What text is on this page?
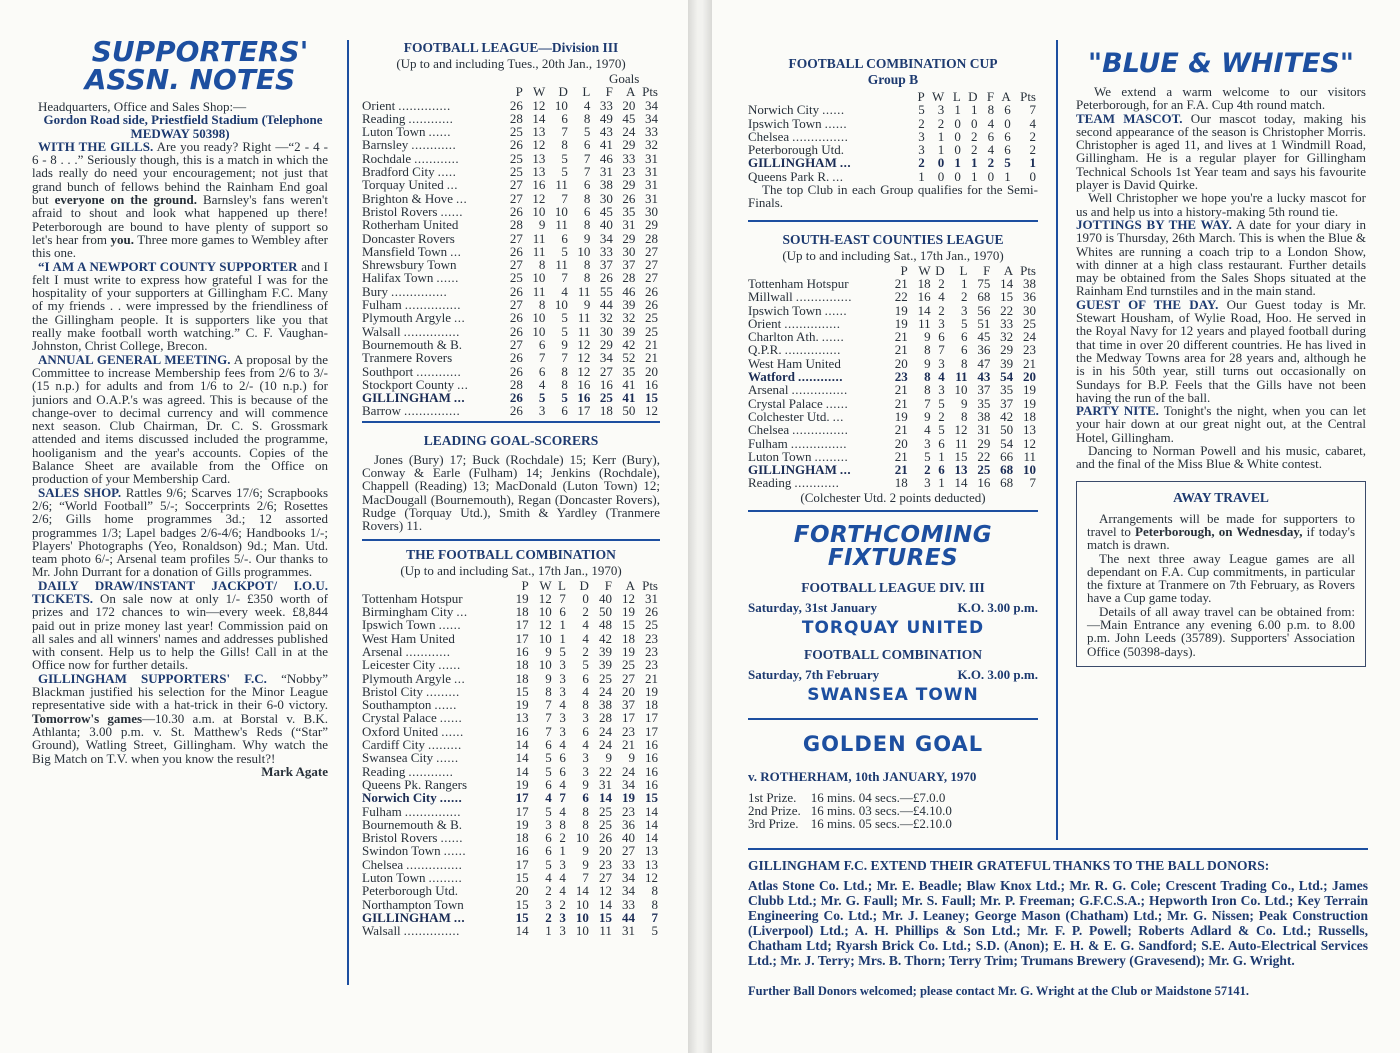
SUPPORTERS'
ASSN. NOTES

Headquarters, Office and Sales Shop:—
Gordon Road side, Priestfield Stadium (Telephone MEDWAY 50398)

WITH THE GILLS. Are you ready? Right —“2 - 4 - 6 - 8 . . .” Seriously though, this is a match in which the lads really do need your encouragement; not just that grand bunch of fellows behind the Rainham End goal but everyone on the ground. Barnsley's fans weren't afraid to shout and look what happened up there! Peterborough are bound to have plenty of support so let's hear from you. Three more games to Wembley after this one.

“I AM A NEWPORT COUNTY SUPPORTER and I felt I must write to express how grateful I was for the hospitality of your supporters at Gillingham F.C. Many of my friends . . were impressed by the friendliness of the Gillingham people. It is supporters like you that really make football worth watching.” C. F. Vaughan-Johnston, Christ College, Brecon.

ANNUAL GENERAL MEETING. A proposal by the Committee to increase Membership fees from 2/6 to 3/- (15 n.p.) for adults and from 1/6 to 2/- (10 n.p.) for juniors and O.A.P.'s was agreed. This is because of the change-over to decimal currency and will commence next season. Club Chairman, Dr. C. S. Grossmark attended and items discussed included the programme, hooliganism and the year's accounts. Copies of the Balance Sheet are available from the Office on production of your Membership Card.

SALES SHOP. Rattles 9/6; Scarves 17/6; Scrapbooks 2/6; “World Football” 5/-; Soccerprints 2/6; Rosettes 2/6; Gills home programmes 3d.; 12 assorted programmes 1/3; Lapel badges 2/6-4/6; Handbooks 1/-; Players' Photographs (Yeo, Ronaldson) 9d.; Man. Utd. team photo 6/-; Arsenal team profiles 5/-. Our thanks to Mr. John Durrant for a donation of Gills programmes.

DAILY DRAW/INSTANT JACKPOT/ I.O.U. TICKETS. On sale now at only 1/- £350 worth of prizes and 172 chances to win—every week. £8,844 paid out in prize money last year! Commission paid on all sales and all winners' names and addresses published with consent. Help us to help the Gills! Call in at the Office now for further details.

GILLINGHAM SUPPORTERS' F.C. “Nobby” Blackman justified his selection for the Minor League representative side with a hat-trick in their 6-0 victory. Tomorrow's games—10.30 a.m. at Borstal v. B.K. Athlanta; 3.00 p.m. v. St. Matthew's Reds (“Star” Ground), Watling Street, Gillingham. Why watch the Big Match on T.V. when you know the result?!
Mark Agate

FOOTBALL LEAGUE—Division III
(Up to and including Tues., 20th Jan., 1970)
					Goals		
	P	W	D	L	F	A	Pts
Orient ..............	26	12	10	4	33	20	34
Reading ............	28	14	6	8	49	45	34
Luton Town ......	25	13	7	5	43	24	33
Barnsley ............	26	12	8	6	41	29	32
Rochdale ............	25	13	5	7	46	33	31
Bradford City .....	25	13	5	7	31	23	31
Torquay United ...	27	16	11	6	38	29	31
Brighton & Hove ...	27	12	7	8	30	26	31
Bristol Rovers ......	26	10	10	6	45	35	30
Rotherham United	28	9	11	8	40	31	29
Doncaster Rovers	27	11	6	9	34	29	28
Mansfield Town ...	26	11	5	10	33	30	27
Shrewsbury Town	27	8	11	8	37	37	27
Halifax Town ......	25	10	7	8	26	28	27
Bury ...............	26	11	4	11	55	46	26
Fulham ...............	27	8	10	9	44	39	26
Plymouth Argyle ...	26	10	5	11	32	32	25
Walsall ...............	26	10	5	11	30	39	25
Bournemouth & B.	27	6	9	12	29	42	21
Tranmere Rovers	26	7	7	12	34	52	21
Southport ............	26	6	8	12	27	35	20
Stockport County ...	28	4	8	16	16	41	16
GILLINGHAM ...	26	5	5	16	25	41	15
Barrow ...............	26	3	6	17	18	50	12
LEADING GOAL-SCORERS

Jones (Bury) 17; Buck (Rochdale) 15; Kerr (Bury), Conway & Earle (Fulham) 14; Jenkins (Rochdale), Chappell (Reading) 13; MacDonald (Luton Town) 12; MacDougall (Bournemouth), Regan (Doncaster Rovers), Rudge (Torquay Utd.), Smith & Yardley (Tranmere Rovers) 11.

THE FOOTBALL COMBINATION
(Up to and including Sat., 17th Jan., 1970)
	P	W	L	D	F	A	Pts
Tottenham Hotspur	19	12	7	0	40	12	31
Birmingham City ...	18	10	6	2	50	19	26
Ipswich Town ......	17	12	1	4	48	15	25
West Ham United	17	10	1	4	42	18	23
Arsenal ............	16	9	5	2	39	19	23
Leicester City ......	18	10	3	5	39	25	23
Plymouth Argyle ...	18	9	3	6	25	27	21
Bristol City .........	15	8	3	4	24	20	19
Southampton ......	19	7	4	8	38	37	18
Crystal Palace ......	13	7	3	3	28	17	17
Oxford United ......	16	7	3	6	24	23	17
Cardiff City .........	14	6	4	4	24	21	16
Swansea City ......	14	5	6	3	9	9	16
Reading ............	14	5	6	3	22	24	16
Queens Pk. Rangers	19	6	4	9	31	34	16
Norwich City ......	17	4	7	6	14	19	15
Fulham ...............	17	5	4	8	25	23	14
Bournemouth & B.	19	3	8	8	25	36	14
Bristol Rovers ......	18	6	2	10	26	40	14
Swindon Town ......	16	6	1	9	20	27	13
Chelsea ...............	17	5	3	9	23	33	13
Luton Town .........	15	4	4	7	27	34	12
Peterborough Utd.	20	2	4	14	12	34	8
Northampton Town	15	3	2	10	14	33	8
GILLINGHAM ...	15	2	3	10	15	44	7
Walsall ...............	14	1	3	10	11	31	5
FOOTBALL COMBINATION CUP
Group B
	P	W	L	D	F	A	Pts
Norwich City ......	5	3	1	1	8	6	7
Ipswich Town ......	2	2	0	0	4	0	4
Chelsea ...............	3	1	0	2	6	6	2
Peterborough Utd.	3	1	0	2	4	6	2
GILLINGHAM ...	2	0	1	1	2	5	1
Queens Park R. ...	1	0	0	1	0	1	0

The top Club in each Group qualifies for the Semi-Finals.

SOUTH-EAST COUNTIES LEAGUE
(Up to and including Sat., 17th Jan., 1970)
	P	W	D	L	F	A	Pts
Tottenham Hotspur	21	18	2	1	75	14	38
Millwall ...............	22	16	4	2	68	15	36
Ipswich Town ......	19	14	2	3	56	22	30
Orient ...............	19	11	3	5	51	33	25
Charlton Ath. ......	21	9	6	6	45	32	24
Q.P.R. ...............	21	8	7	6	36	29	23
West Ham United	20	9	3	8	47	39	21
Watford ............	23	8	4	11	43	54	20
Arsenal ...............	21	8	3	10	37	35	19
Crystal Palace ......	21	7	5	9	35	37	19
Colchester Utd. ...	19	9	2	8	38	42	18
Chelsea ...............	21	4	5	12	31	50	13
Fulham ...............	20	3	6	11	29	54	12
Luton Town .........	21	5	1	15	22	66	11
GILLINGHAM ...	21	2	6	13	25	68	10
Reading ............	18	3	1	14	16	68	7
(Colchester Utd. 2 points deducted)
FORTHCOMING FIXTURES
FOOTBALL LEAGUE DIV. III
Saturday, 31st January	K.O. 3.00 p.m.
TORQUAY UNITED
FOOTBALL COMBINATION
Saturday, 7th February	K.O. 3.00 p.m.
SWANSEA TOWN
GOLDEN GOAL
v. ROTHERHAM, 10th JANUARY, 1970
1st Prize.	16 mins. 04 secs.—£7.0.0
2nd Prize.	16 mins. 03 secs.—£4.10.0
3rd Prize.	16 mins. 05 secs.—£2.10.0
"BLUE & WHITES"

We extend a warm welcome to our visitors Peterborough, for an F.A. Cup 4th round match.

TEAM MASCOT. Our mascot today, making his second appearance of the season is Christopher Morris. Christopher is aged 11, and lives at 1 Windmill Road, Gillingham. He is a regular player for Gillingham Technical Schools 1st Year team and says his favourite player is David Quirke.

Well Christopher we hope you're a lucky mascot for us and help us into a history-making 5th round tie.

JOTTINGS BY THE WAY. A date for your diary in 1970 is Thursday, 26th March. This is when the Blue & Whites are running a coach trip to a London Show, with dinner at a high class restaurant. Further details may be obtained from the Sales Shops situated at the Rainham End turnstiles and in the main stand.

GUEST OF THE DAY. Our Guest today is Mr. Stewart Housham, of Wylie Road, Hoo. He served in the Royal Navy for 12 years and played football during that time in over 20 different countries. He has lived in the Medway Towns area for 28 years and, although he is in his 50th year, still turns out occasionally on Sundays for B.P. Feels that the Gills have not been having the run of the ball.

PARTY NITE. Tonight's the night, when you can let your hair down at our great night out, at the Central Hotel, Gillingham.

Dancing to Norman Powell and his music, cabaret, and the final of the Miss Blue & White contest.

AWAY TRAVEL

Arrangements will be made for supporters to travel to Peterborough, on Wednesday, if today's match is drawn.

The next three away League games are all dependant on F.A. Cup commitments, in particular the fixture at Tranmere on 7th February, as Rovers have a Cup game today.

Details of all away travel can be obtained from:—Main Entrance any evening 6.00 p.m. to 8.00 p.m. John Leeds (35789). Supporters' Association Office (50398-days).

GILLINGHAM F.C. EXTEND THEIR GRATEFUL THANKS TO THE BALL DONORS:

Atlas Stone Co. Ltd.; Mr. E. Beadle; Blaw Knox Ltd.; Mr. R. G. Cole; Crescent Trading Co., Ltd.; James Clubb Ltd.; Mr. G. Faull; Mr. S. Faull; Mr. P. Freeman; G.F.C.S.A.; Hepworth Iron Co. Ltd.; Key Terrain Engineering Co. Ltd.; Mr. J. Leaney; George Mason (Chatham) Ltd.; Mr. G. Nissen; Peak Construction (Liverpool) Ltd.; A. H. Phillips & Son Ltd.; Mr. F. P. Powell; Roberts Adlard & Co. Ltd.; Russells, Chatham Ltd; Ryarsh Brick Co. Ltd.; S.D. (Anon); E. H. & E. G. Sandford; S.E. Auto-Electrical Services Ltd.; Mr. J. Terry; Mrs. B. Thorn; Terry Trim; Trumans Brewery (Gravesend); Mr. G. Wright.

Further Ball Donors welcomed; please contact Mr. G. Wright at the Club or Maidstone 57141.
